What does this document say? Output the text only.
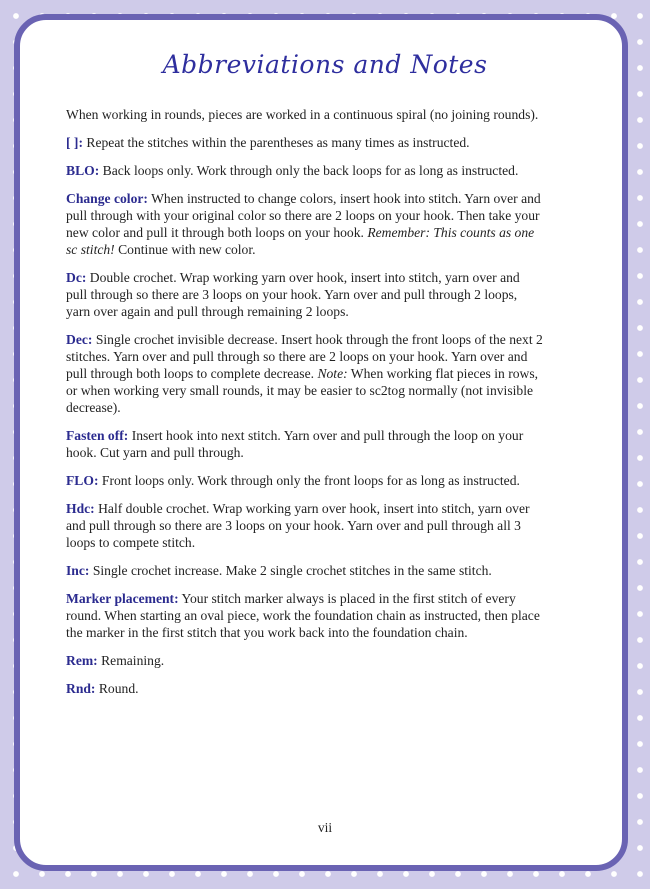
Abbreviations and Notes

When working in rounds, pieces are worked in a continuous spiral (no joining rounds).

[ ]: Repeat the stitches within the parentheses as many times as instructed.

BLO: Back loops only. Work through only the back loops for as long as instructed.

Change color: When instructed to change colors, insert hook into stitch. Yarn over and pull through with your original color so there are 2 loops on your hook. Then take your new color and pull it through both loops on your hook. Remember: This counts as one sc stitch! Continue with new color.

Dc: Double crochet. Wrap working yarn over hook, insert into stitch, yarn over and pull through so there are 3 loops on your hook. Yarn over and pull through 2 loops, yarn over again and pull through remaining 2 loops.

Dec: Single crochet invisible decrease. Insert hook through the front loops of the next 2 stitches. Yarn over and pull through so there are 2 loops on your hook. Yarn over and pull through both loops to complete decrease. Note: When working flat pieces in rows, or when working very small rounds, it may be easier to sc2tog normally (not invisible decrease).

Fasten off: Insert hook into next stitch. Yarn over and pull through the loop on your hook. Cut yarn and pull through.

FLO: Front loops only. Work through only the front loops for as long as instructed.

Hdc: Half double crochet. Wrap working yarn over hook, insert into stitch, yarn over and pull through so there are 3 loops on your hook. Yarn over and pull through all 3 loops to compete stitch.

Inc: Single crochet increase. Make 2 single crochet stitches in the same stitch.

Marker placement: Your stitch marker always is placed in the first stitch of every round. When starting an oval piece, work the foundation chain as instructed, then place the marker in the first stitch that you work back into the foundation chain.

Rem: Remaining.

Rnd: Round.

vii
